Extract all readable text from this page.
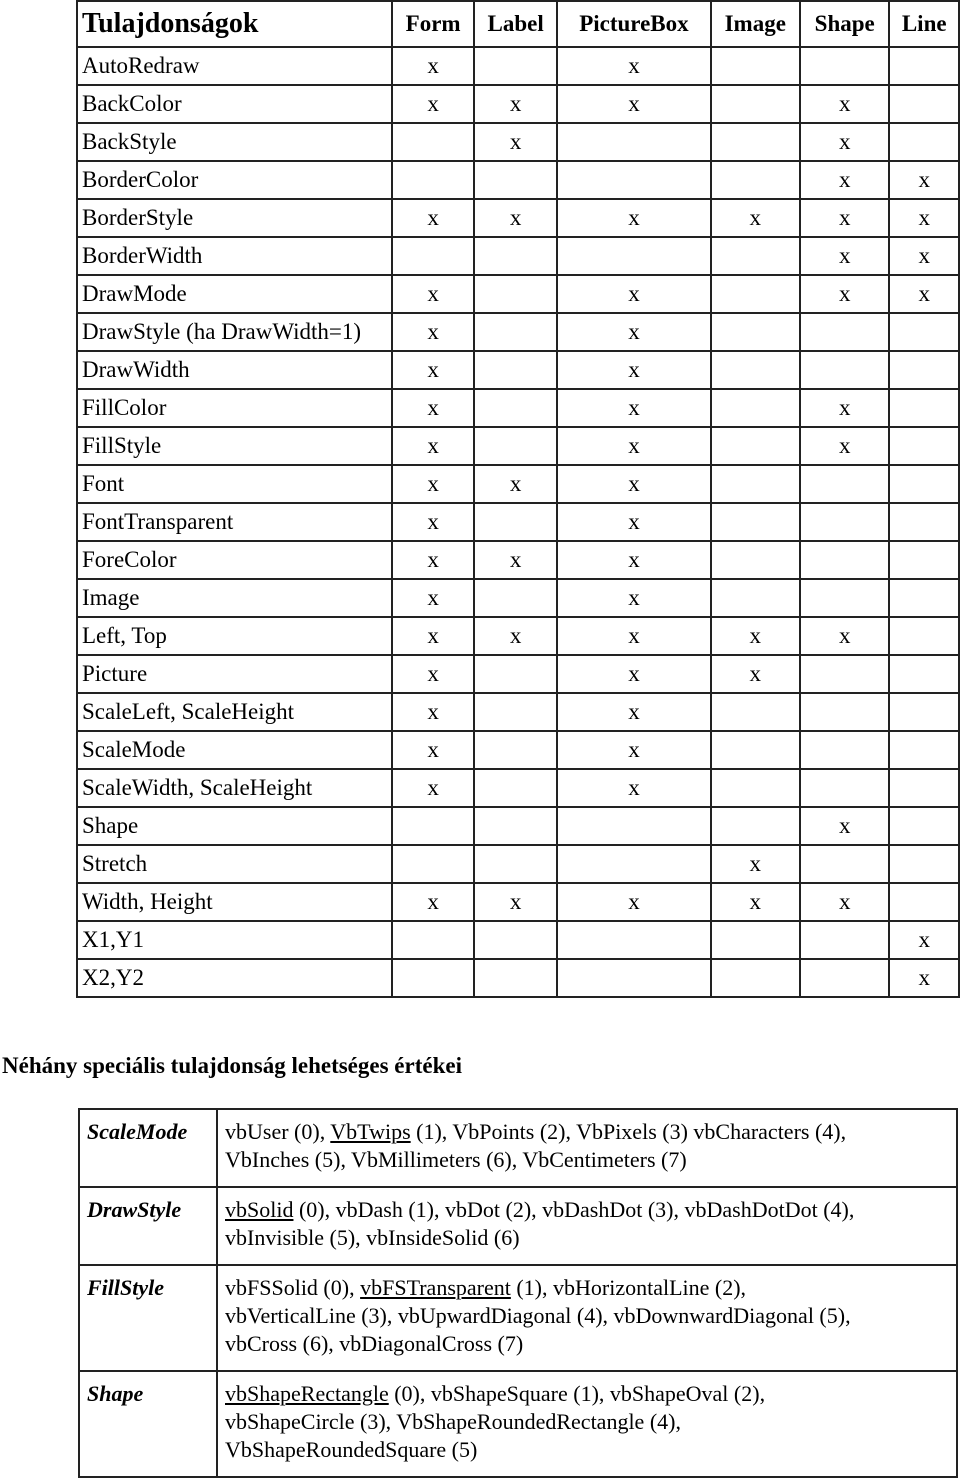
Tulajdonságok	Form	Label	PictureBox	Image	Shape	Line
AutoRedraw	x		x			
BackColor	x	x	x		x	
BackStyle		x			x	
BorderColor					x	x
BorderStyle	x	x	x	x	x	x
BorderWidth					x	x
DrawMode	x		x		x	x
DrawStyle (ha DrawWidth=1)	x		x			
DrawWidth	x		x			
FillColor	x		x		x	
FillStyle	x		x		x	
Font	x	x	x			
FontTransparent	x		x			
ForeColor	x	x	x			
Image	x		x			
Left, Top	x	x	x	x	x	
Picture	x		x	x		
ScaleLeft, ScaleHeight	x		x			
ScaleMode	x		x			
ScaleWidth, ScaleHeight	x		x			
Shape					x	
Stretch				x		
Width, Height	x	x	x	x	x	
X1,Y1						x
X2,Y2						x
Néhány speciális tulajdonság lehetséges értékei
ScaleMode	vbUser (0), VbTwips (1), VbPoints (2), VbPixels (3) vbCharacters (4),
VbInches (5), VbMillimeters (6), VbCentimeters (7)

DrawStyle	vbSolid (0), vbDash (1), vbDot (2), vbDashDot (3), vbDashDotDot (4),
vbInvisible (5), vbInsideSolid (6)

FillStyle	vbFSSolid (0), vbFSTransparent (1), vbHorizontalLine (2),
vbVerticalLine (3), vbUpwardDiagonal (4), vbDownwardDiagonal (5),
vbCross (6), vbDiagonalCross (7)

Shape	vbShapeRectangle (0), vbShapeSquare (1), vbShapeOval (2),
vbShapeCircle (3), VbShapeRoundedRectangle (4),
VbShapeRoundedSquare (5)
